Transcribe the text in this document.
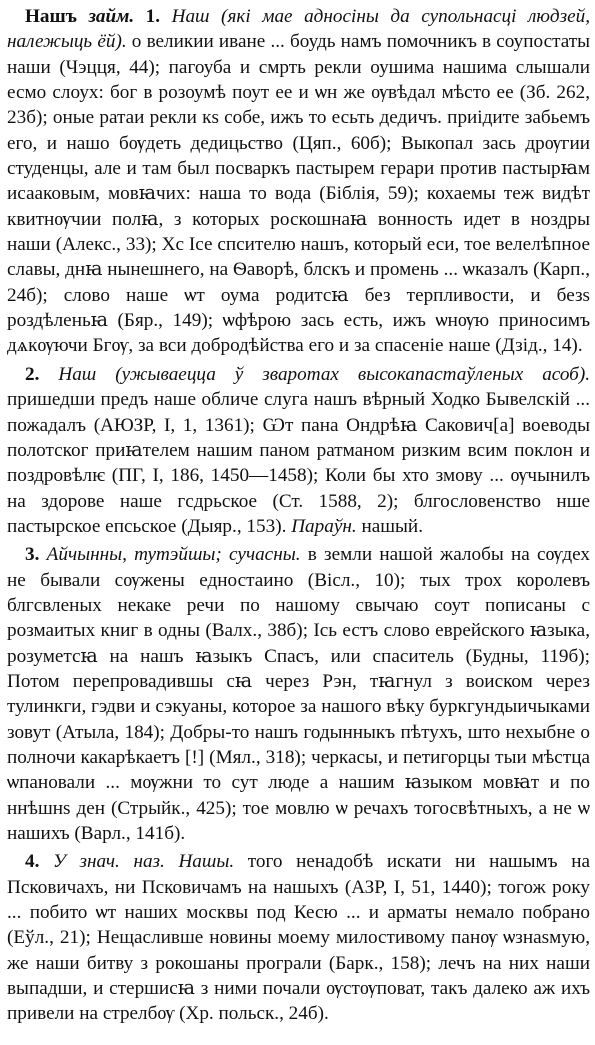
Нашъ займ. 1. Наш (які мае адносіны да супольнасці людзей, належыць ёй). о великии иване ... боудь намъ помочникъ в соупостаты наши (Чэцця, 44); пагоуба и смрть рекли оушима нашима слышали есмо слоух: бог в розоумѣ поут ее и ѡн же ѹвѣдал мѣсто ее (Зб. 262, 23б); оные ратаи рекли кѕ собе, ижъ то есьть дедичъ. приідите забьемъ его, и нашо бѹдеть дедицьство (Цяп., 60б); Выкопал зась дрѹгии студенцы, але и там был посваркъ пастырем герари против пастырꙗм исааковым, мовꙗчих: наша то вода (Біблія, 59); кохаемы теж видѣт квитнѹчии полꙗ, з которых роскошнаꙗ вонность идет в ноздры наши (Алекс., 33); Хс Ісе спсителю нашъ, который еси, тое велелѣпное славы, днꙗ нынешнего, на Ѳаворѣ, блскъ и промень ... ѡказалъ (Карп., 24б); слово наше ѡт оума родитсꙗ без терпливости, и безѕ роздѣленьꙗ (Бяр., 149); ѡфѣрою зась есть, ижъ ѡнѹю приносимъ дѧкѹючи Бгѹ, за вси добродѣйства его и за спасеніе наше (Дзід., 14).

2. Наш (ужываецца ў зваротах высокапастаўленых асоб). пришедши предъ наше обличе слуга нашъ вѣрный Ходко Бывелскій ... пожадалъ (АЮЗР, І, 1, 1361); Ѡт пана Ондрѣꙗ Сакович[а] воеводы полотског приꙗтелем нашим паном ратманом ризким всим поклон и поздровѣлѥ (ПГ, І, 186, 1450—1458); Коли бы хто змову ... ѹчынилъ на здорове наше гсдрьское (Ст. 1588, 2); блгословенство нше пастырское епсьское (Дыяр., 153). Параўн. нашый.

3. Айчынны, тутэйшы; сучасны. в земли нашой жалобы на сѹдех не бывали сѹжены едностаино (Вісл., 10); тых трох королевъ блгсвленых некаке речи по нашому свычаю соут пописаны с розмаитых книг в одны (Валх., 38б); Ісь естъ слово еврейского ꙗзыка, розуметсꙗ на нашъ ꙗзыкъ Спасъ, или спаситель (Будны, 119б); Потом перепровадившы сꙗ через Рэн, тꙗгнул з воиском через тулинкги, гэдви и сэкуаны, которое за нашого вѣку буркгундыичыками зовут (Атыла, 184); Добры-то нашъ годынныкъ пѣтухъ, што нехыбне о полночи какарѣкаетъ [!] (Мял., 318); черкасы, и петигорцы тыи мѣстца ѡпановали ... мѹжни то сут люде а нашим ꙗзыком мовꙗт и по ннѣшнѕ ден (Стрыйк., 425); тое мовлю ѡ речахъ тогосвѣтныхъ, а не ѡ нашихъ (Варл., 141б).

4. У знач. наз. Нашы. того ненадобѣ искати ни нашымъ на Псковичахъ, ни Псковичамъ на нашыхъ (АЗР, І, 51, 1440); тогож року ... побито ѡт наших москвы под Кесю ... и армaты немало побрано (Еўл., 21); Нещасливше новины моему милостивому панѹ ѡзнаѕмую, же наши битву з рокошаны програли (Барк., 158); лечъ на них наши выпадши, и стершисꙗ з ними почали ѹстѹповат, такъ далеко аж ихъ привели на стрелбѹ (Хр. польск., 24б).
